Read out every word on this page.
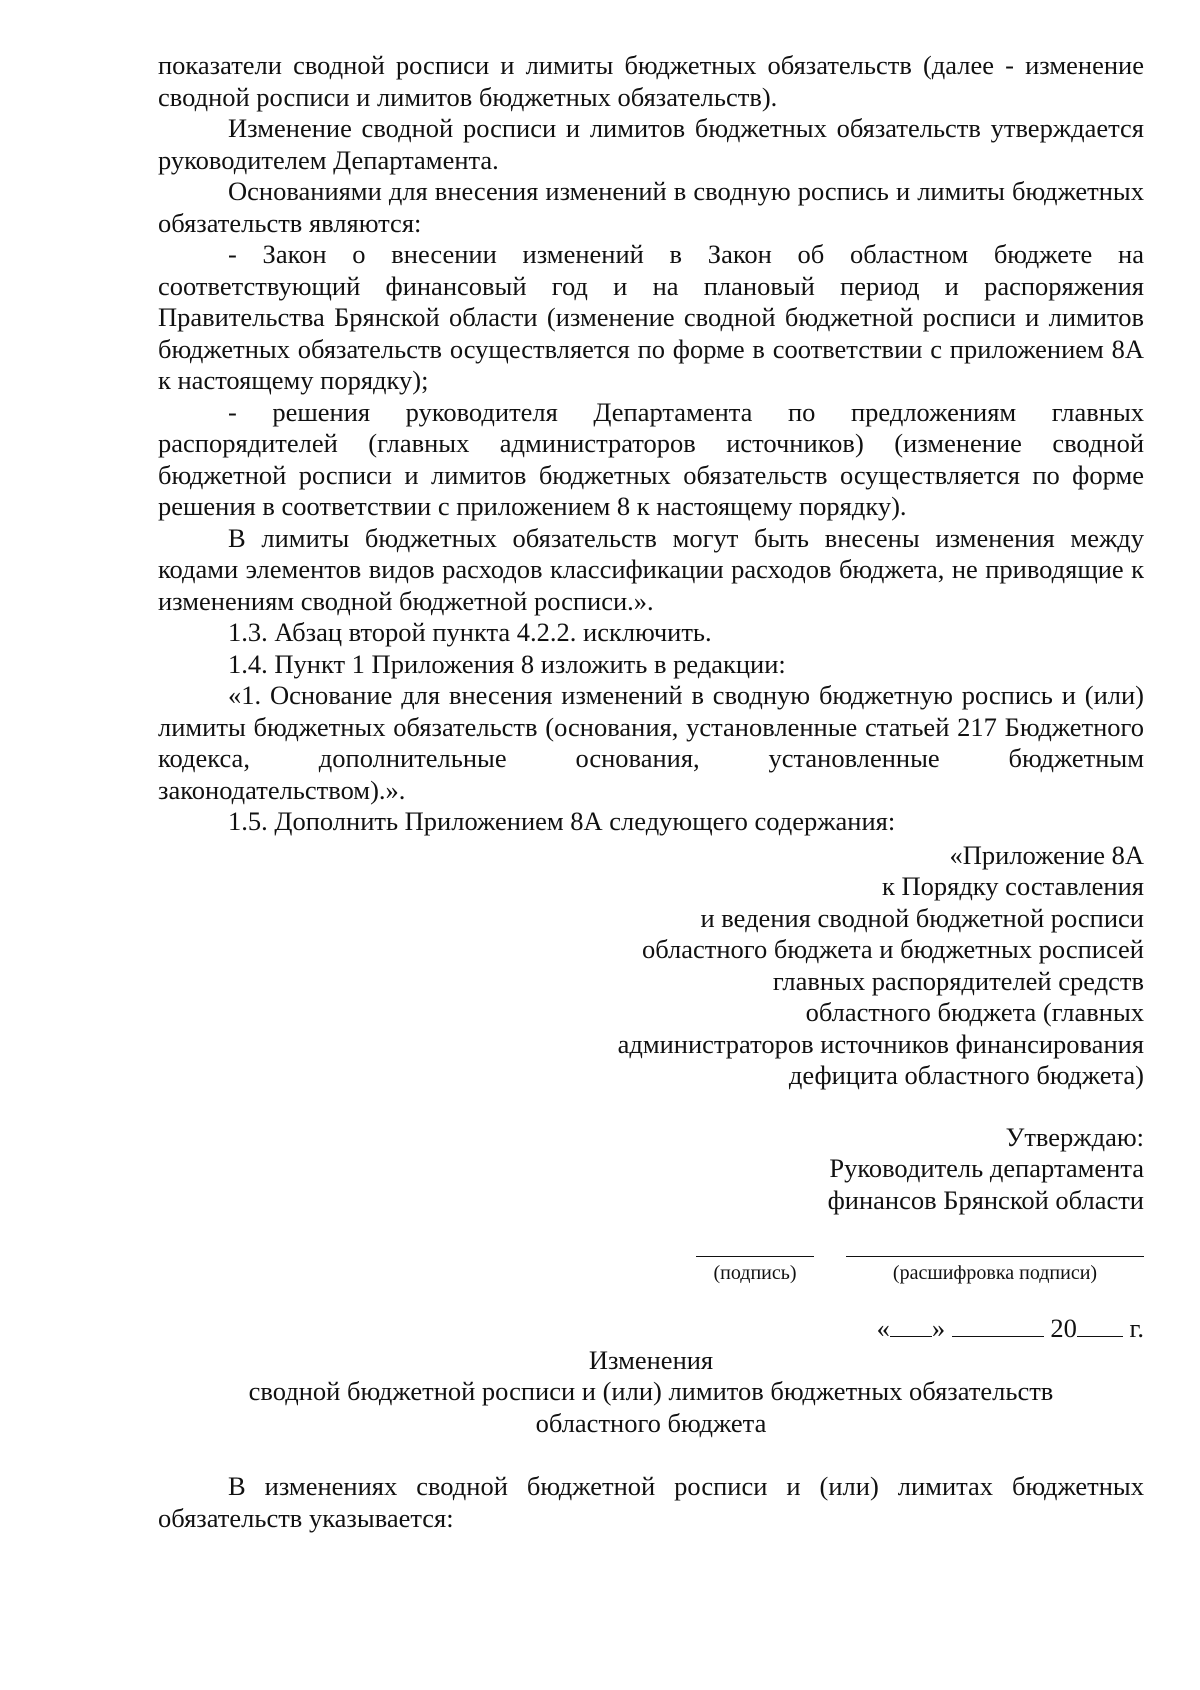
показатели сводной росписи и лимиты бюджетных обязательств (далее - изменение сводной росписи и лимитов бюджетных обязательств).

Изменение сводной росписи и лимитов бюджетных обязательств утверждается руководителем Департамента.

Основаниями для внесения изменений в сводную роспись и лимиты бюджетных обязательств являются:

- Закон о внесении изменений в Закон об областном бюджете на соответствующий финансовый год и на плановый период и распоряжения Правительства Брянской области (изменение сводной бюджетной росписи и лимитов бюджетных обязательств осуществляется по форме в соответствии с приложением 8А к настоящему порядку);

- решения руководителя Департамента по предложениям главных распорядителей (главных администраторов источников) (изменение сводной бюджетной росписи и лимитов бюджетных обязательств осуществляется по форме решения в соответствии с приложением 8 к настоящему порядку).

В лимиты бюджетных обязательств могут быть внесены изменения между кодами элементов видов расходов классификации расходов бюджета, не приводящие к изменениям сводной бюджетной росписи.».

1.3. Абзац второй пункта 4.2.2. исключить.

1.4. Пункт 1 Приложения 8 изложить в редакции:

«1. Основание для внесения изменений в сводную бюджетную роспись и (или) лимиты бюджетных обязательств (основания, установленные статьей 217 Бюджетного кодекса, дополнительные основания, установленные бюджетным законодательством).».

1.5. Дополнить Приложением 8А следующего содержания:

«Приложение 8А
к Порядку составления
и ведения сводной бюджетной росписи
областного бюджета и бюджетных росписей
главных распорядителей средств
областного бюджета (главных
администраторов источников финансирования
дефицита областного бюджета)
Утверждаю:
Руководитель департамента
финансов Брянской области
(подпись)	(расшифровка подписи)
« »	20 г.
Изменения
сводной бюджетной росписи и (или) лимитов бюджетных обязательств
областного бюджета

В изменениях сводной бюджетной росписи и (или) лимитах бюджетных обязательств указывается:
